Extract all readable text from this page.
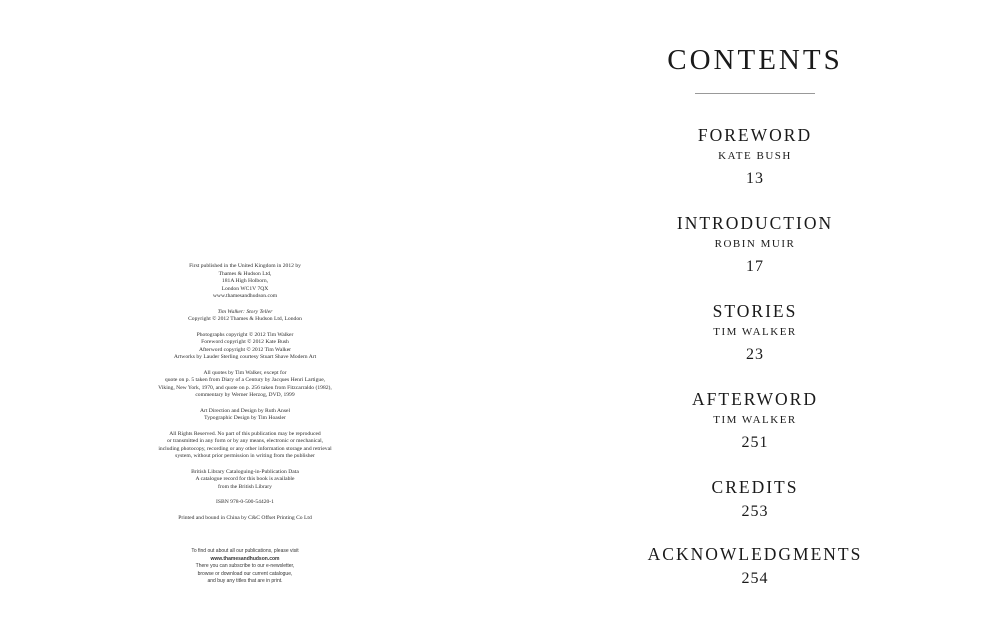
First published in the United Kingdom in 2012 by
Thames & Hudson Ltd,
181A High Holborn,
London WC1V 7QX
www.thamesandhudson.com
Tim Walker: Story Teller
Copyright © 2012 Thames & Hudson Ltd, London
Photographs copyright © 2012 Tim Walker
Foreword copyright © 2012 Kate Bush
Afterword copyright © 2012 Tim Walker
Artworks by Lauder Sterling courtesy Stuart Shave Modern Art
All quotes by Tim Walker, except for
quote on p. 5 taken from Diary of a Century by Jacques Henri Lartigue,
Viking, New York, 1970, and quote on p. 256 taken from Fitzcarraldo (1982),
commentary by Werner Herzog, DVD, 1999
Art Direction and Design by Ruth Ansel
Typographic Design by Tim Hoasler
All Rights Reserved. No part of this publication may be reproduced
or transmitted in any form or by any means, electronic or mechanical,
including photocopy, recording or any other information storage and retrieval
system, without prior permission in writing from the publisher
British Library Cataloguing-in-Publication Data
A catalogue record for this book is available
from the British Library
ISBN 978-0-500-54420-1
Printed and bound in China by C&C Offset Printing Co Ltd
To find out about all our publications, please visit
www.thamesandhudson.com
There you can subscribe to our e-newsletter,
browse or download our current catalogue,
and buy any titles that are in print.
CONTENTS
FOREWORD
KATE BUSH
13
INTRODUCTION
ROBIN MUIR
17
STORIES
TIM WALKER
23
AFTERWORD
TIM WALKER
251
CREDITS
253
ACKNOWLEDGMENTS
254
